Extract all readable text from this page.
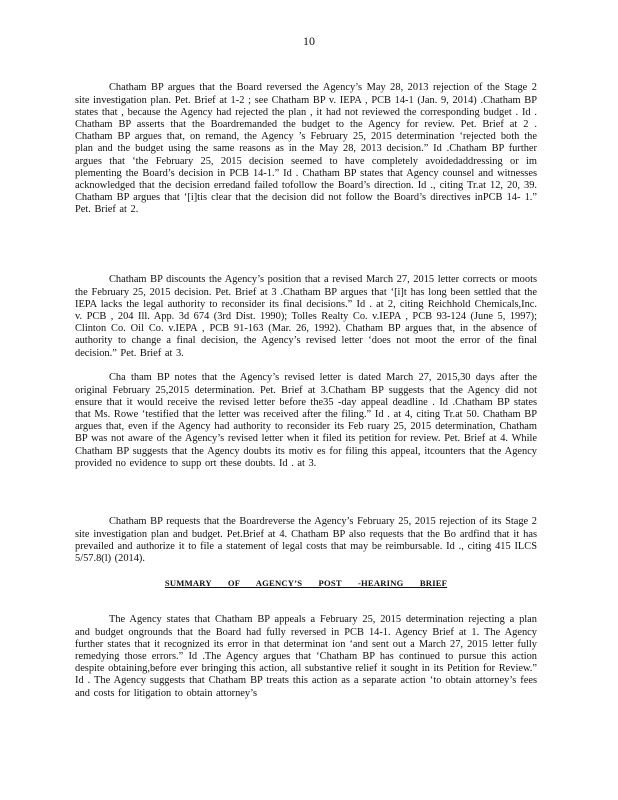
10

Chatham BP argues that the Board reversed the Agency’s May 28, 2013 rejection of the Stage 2 site investigation plan. Pet. Brief at 1-2 ; see Chatham BP v. IEPA , PCB 14-1 (Jan. 9, 2014) .Chatham BP states that , because the Agency had rejected the plan , it had not reviewed the corresponding budget . Id . Chatham BP asserts that the Boardremanded the budget to the Agency for review. Pet. Brief at 2 . Chatham BP argues that, on remand, the Agency ’s February 25, 2015 determination ‘rejected both the plan and the budget using the same reasons as in the May 28, 2013 decision.” Id .Chatham BP further argues that ‘the February 25, 2015 decision seemed to have completely avoidedaddressing or im plementing the Board’s decision in PCB 14-1.” Id . Chatham BP states that Agency counsel and witnesses acknowledged that the decision erredand failed tofollow the Board’s direction. Id ., citing Tr.at 12, 20, 39. Chatham BP argues that ‘[i]tis clear that the decision did not follow the Board’s directives inPCB 14- 1.” Pet. Brief at 2.

Chatham BP discounts the Agency’s position that a revised March 27, 2015 letter corrects or moots the February 25, 2015 decision. Pet. Brief at 3 .Chatham BP argues that ‘[i]t has long been settled that the IEPA lacks the legal authority to reconsider its final decisions.” Id . at 2, citing Reichhold Chemicals,Inc. v. PCB , 204 Ill. App. 3d 674 (3rd Dist. 1990); Tolles Realty Co. v.IEPA , PCB 93-124 (June 5, 1997); Clinton Co. Oil Co. v.IEPA , PCB 91-163 (Mar. 26, 1992). Chatham BP argues that, in the absence of authority to change a final decision, the Agency’s revised letter ‘does not moot the error of the final decision.” Pet. Brief at 3.

Cha tham BP notes that the Agency’s revised letter is dated March 27, 2015,30 days after the original February 25,2015 determination. Pet. Brief at 3.Chatham BP suggests that the Agency did not ensure that it would receive the revised letter before the35 -day appeal deadline . Id .Chatham BP states that Ms. Rowe ‘testified that the letter was received after the filing.” Id . at 4, citing Tr.at 50. Chatham BP argues that, even if the Agency had authority to reconsider its Feb ruary 25, 2015 determination, Chatham BP was not aware of the Agency’s revised letter when it filed its petition for review. Pet. Brief at 4. While Chatham BP suggests that the Agency doubts its motiv es for filing this appeal, itcounters that the Agency provided no evidence to supp ort these doubts. Id . at 3.

Chatham BP requests that the Boardreverse the Agency’s February 25, 2015 rejection of its Stage 2 site investigation plan and budget. Pet.Brief at 4. Chatham BP also requests that the Bo ardfind that it has prevailed and authorize it to file a statement of legal costs that may be reimbursable. Id ., citing 415 ILCS 5/57.8(l) (2014).

SUMMARY OF AGENCY’S POST -HEARING BRIEF

The Agency states that Chatham BP appeals a February 25, 2015 determination rejecting a plan and budget ongrounds that the Board had fully reversed in PCB 14-1. Agency Brief at 1. The Agency further states that it recognized its error in that determinat ion ‘and sent out a March 27, 2015 letter fully remedying those errors.” Id .The Agency argues that ‘Chatham BP has continued to pursue this action despite obtaining,before ever bringing this action, all substantive relief it sought in its Petition for Review.” Id . The Agency suggests that Chatham BP treats this action as a separate action ‘to obtain attorney’s fees and costs for litigation to obtain attorney’s
